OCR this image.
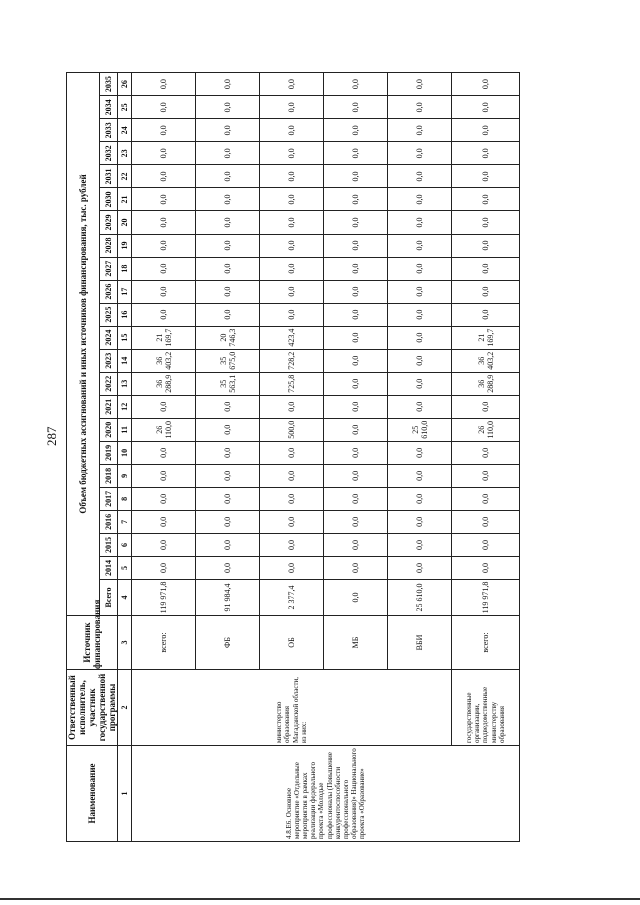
287
Наименование	Ответственный исполнитель, участник государственной программы	Источник финансирования	Объем бюджетных ассигнований и иных источников финансирования, тыс. рублей																						
			Всего	2014	2015	2016	2017	2018	2019	2020	2021	2022	2023	2024	2025	2026	2027	2028	2029	2030	2031	2032	2033	2034	2035
1	2	3	4	5	6	7	8	9	10	11	12	13	14	15	16	17	18	19	20	21	22	23	24	25	26
4.8.Е6. Основное мероприятие «Отдельные мероприятия в рамках реализации федерального проекта «Молодые профессионалы (Повышение конкурентоспособности профессионального образования)» Национального проекта «Образование»	министерство образования Магаданской области, из них:	всего:	119 971,8	0,0	0,0	0,0	0,0	0,0	0,0	26 110,0	0,0	36 288,9	36 403,2	21 169,7	0,0	0,0	0,0	0,0	0,0	0,0	0,0	0,0	0,0	0,0	0,0
		ФБ	91 984,4	0,0	0,0	0,0	0,0	0,0	0,0	0,0	0,0	35 563,1	35 675,0	20 746,3	0,0	0,0	0,0	0,0	0,0	0,0	0,0	0,0	0,0	0,0	0,0
		ОБ	2 377,4	0,0	0,0	0,0	0,0	0,0	0,0	500,0	0,0	725,8	728,2	423,4	0,0	0,0	0,0	0,0	0,0	0,0	0,0	0,0	0,0	0,0	0,0
		МБ	0,0	0,0	0,0	0,0	0,0	0,0	0,0	0,0	0,0	0,0	0,0	0,0	0,0	0,0	0,0	0,0	0,0	0,0	0,0	0,0	0,0	0,0	0,0
		ВБИ	25 610,0	0,0	0,0	0,0	0,0	0,0	0,0	25 610,0	0,0	0,0	0,0	0,0	0,0	0,0	0,0	0,0	0,0	0,0	0,0	0,0	0,0	0,0	0,0
	государственные организации, подведомственные министерству образования	всего:	119 971,8	0,0	0,0	0,0	0,0	0,0	0,0	26 110,0	0,0	36 288,9	36 403,2	21 169,7	0,0	0,0	0,0	0,0	0,0	0,0	0,0	0,0	0,0	0,0	0,0
